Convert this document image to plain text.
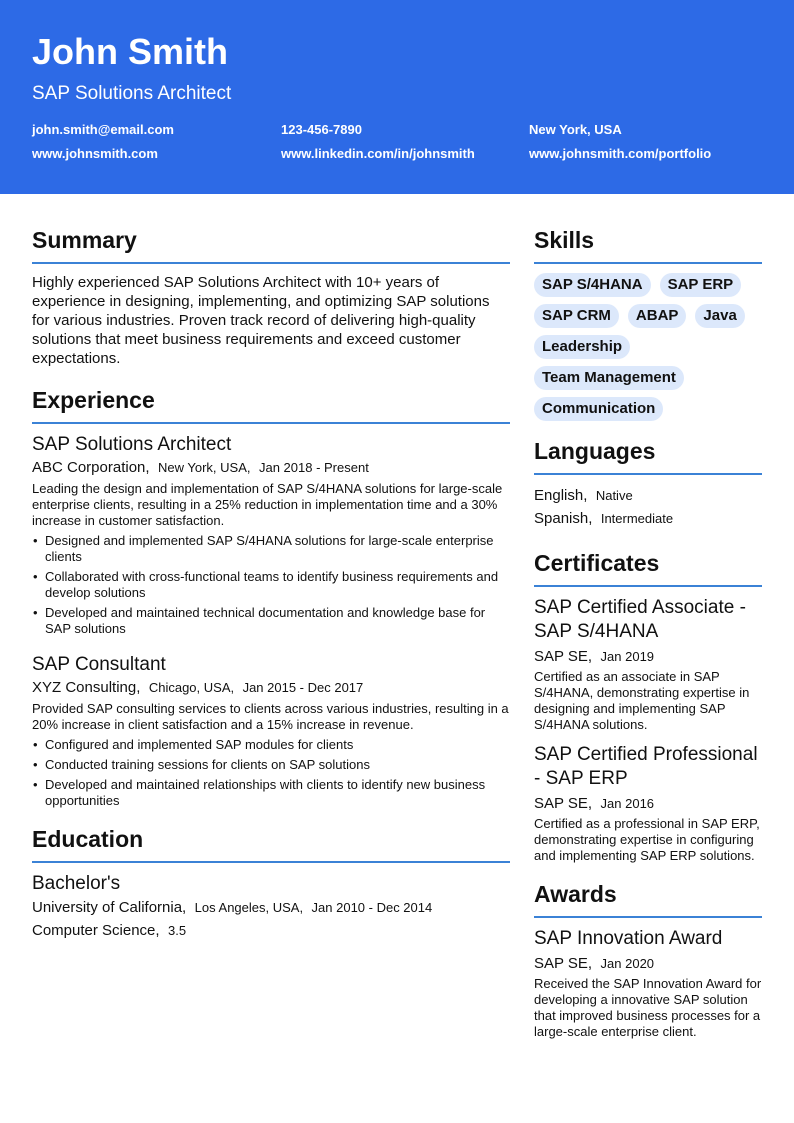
John Smith
SAP Solutions Architect
john.smith@email.com	123-456-7890	New York, USA
www.johnsmith.com	www.linkedin.com/in/johnsmith	www.johnsmith.com/portfolio
Summary
Highly experienced SAP Solutions Architect with 10+ years of experience in designing, implementing, and optimizing SAP solutions for various industries. Proven track record of delivering high-quality solutions that meet business requirements and exceed customer expectations.
Experience
SAP Solutions Architect
ABC Corporation, New York, USA, Jan 2018 - Present
Leading the design and implementation of SAP S/4HANA solutions for large-scale enterprise clients, resulting in a 25% reduction in implementation time and a 30% increase in customer satisfaction.
• Designed and implemented SAP S/4HANA solutions for large-scale enterprise clients
• Collaborated with cross-functional teams to identify business requirements and develop solutions
• Developed and maintained technical documentation and knowledge base for SAP solutions
SAP Consultant
XYZ Consulting, Chicago, USA, Jan 2015 - Dec 2017
Provided SAP consulting services to clients across various industries, resulting in a 20% increase in client satisfaction and a 15% increase in revenue.
• Configured and implemented SAP modules for clients
• Conducted training sessions for clients on SAP solutions
• Developed and maintained relationships with clients to identify new business opportunities
Education
Bachelor's
University of California, Los Angeles, USA, Jan 2010 - Dec 2014
Computer Science, 3.5
Skills
SAP S/4HANA	SAP ERP
SAP CRM	ABAP	Java
Leadership
Team Management
Communication
Languages
English, Native
Spanish, Intermediate
Certificates
SAP Certified Associate - SAP S/4HANA
SAP SE, Jan 2019
Certified as an associate in SAP S/4HANA, demonstrating expertise in designing and implementing SAP S/4HANA solutions.
SAP Certified Professional - SAP ERP
SAP SE, Jan 2016
Certified as a professional in SAP ERP, demonstrating expertise in configuring and implementing SAP ERP solutions.
Awards
SAP Innovation Award
SAP SE, Jan 2020
Received the SAP Innovation Award for developing a innovative SAP solution that improved business processes for a large-scale enterprise client.
